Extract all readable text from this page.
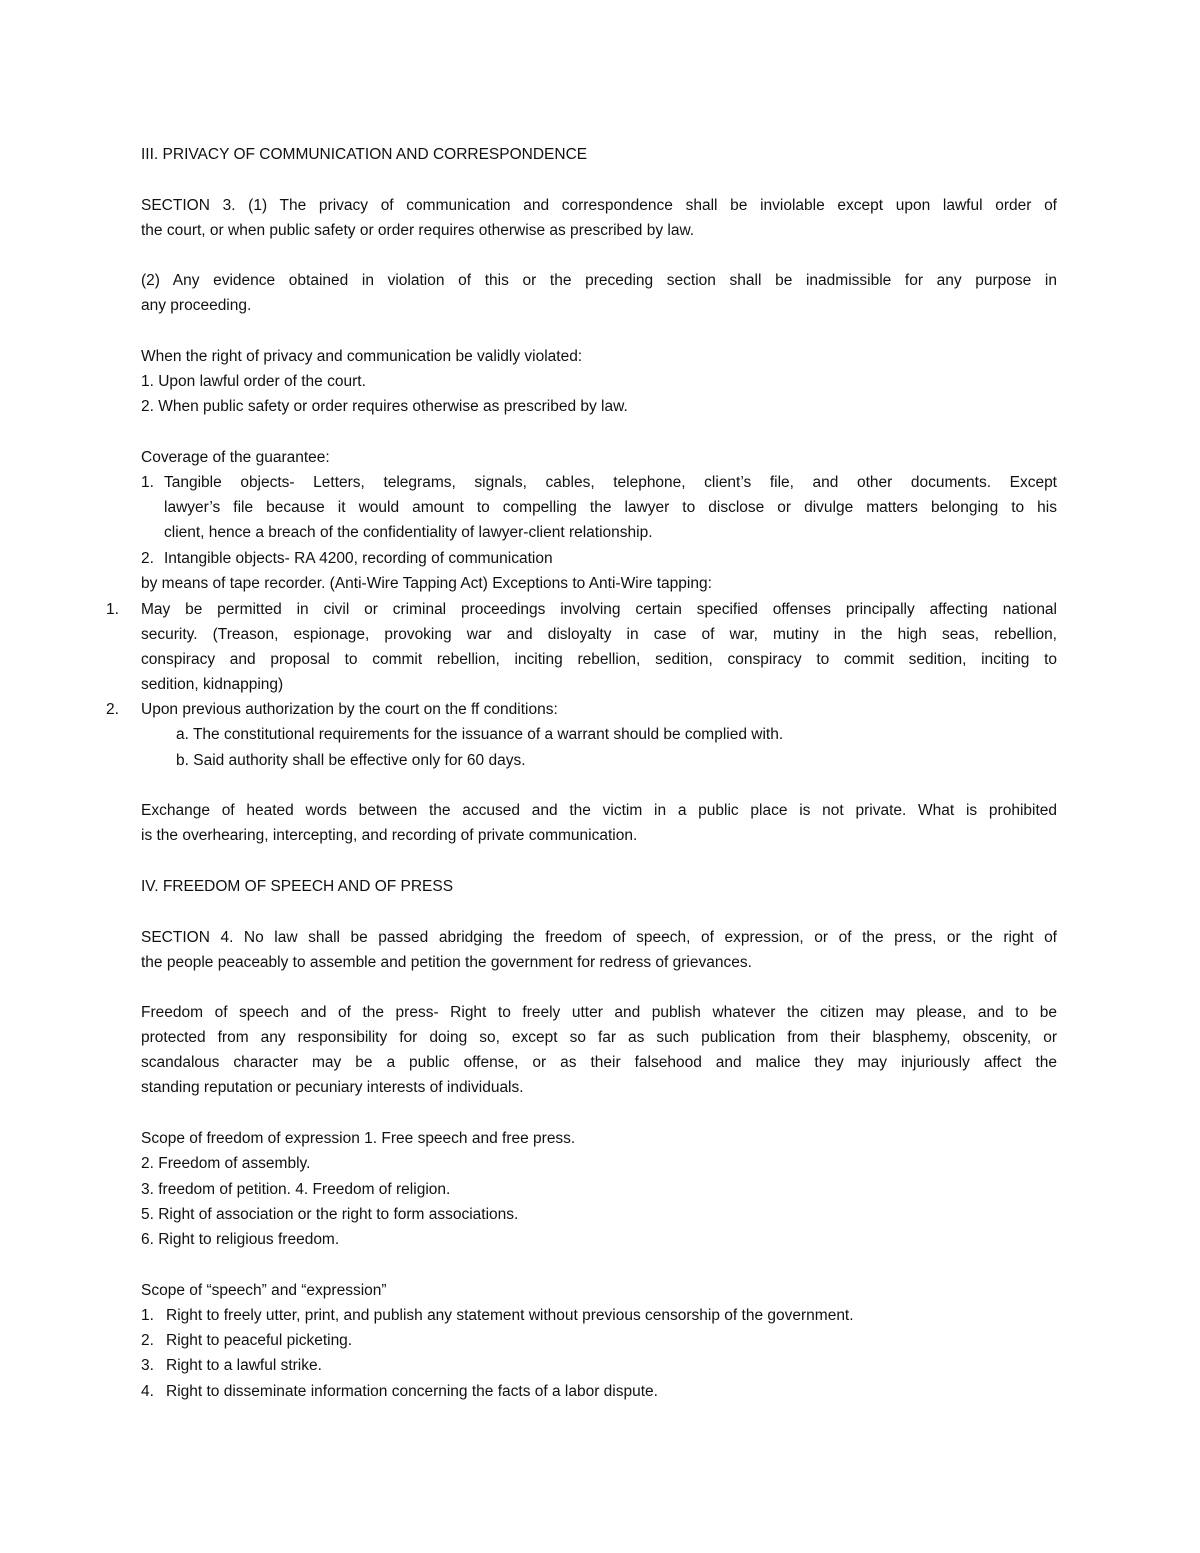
III. PRIVACY OF COMMUNICATION AND CORRESPONDENCE

SECTION 3. (1) The privacy of communication and correspondence shall be inviolable except upon lawful order of

the court, or when public safety or order requires otherwise as prescribed by law.

(2) Any evidence obtained in violation of this or the preceding section shall be inadmissible for any purpose in

any proceeding.

When the right of privacy and communication be validly violated:

1. Upon lawful order of the court.

2. When public safety or order requires otherwise as prescribed by law.

Coverage of the guarantee:

1. Tangible objects- Letters, telegrams, signals, cables, telephone, client’s file, and other documents. Except

lawyer’s file because it would amount to compelling the lawyer to disclose or divulge matters belonging to his

client, hence a breach of the confidentiality of lawyer-client relationship.

2. Intangible objects- RA 4200, recording of communication

by means of tape recorder. (Anti-Wire Tapping Act) Exceptions to Anti-Wire tapping:

1. May be permitted in civil or criminal proceedings involving certain specified offenses principally affecting national

security. (Treason, espionage, provoking war and disloyalty in case of war, mutiny in the high seas, rebellion,

conspiracy and proposal to commit rebellion, inciting rebellion, sedition, conspiracy to commit sedition, inciting to

sedition, kidnapping)

2. Upon previous authorization by the court on the ff conditions:

a. The constitutional requirements for the issuance of a warrant should be complied with.

b. Said authority shall be effective only for 60 days.

Exchange of heated words between the accused and the victim in a public place is not private. What is prohibited

is the overhearing, intercepting, and recording of private communication.

IV. FREEDOM OF SPEECH AND OF PRESS

SECTION 4. No law shall be passed abridging the freedom of speech, of expression, or of the press, or the right of

the people peaceably to assemble and petition the government for redress of grievances.

Freedom of speech and of the press- Right to freely utter and publish whatever the citizen may please, and to be

protected from any responsibility for doing so, except so far as such publication from their blasphemy, obscenity, or

scandalous character may be a public offense, or as their falsehood and malice they may injuriously affect the

standing reputation or pecuniary interests of individuals.

Scope of freedom of expression 1. Free speech and free press.

2. Freedom of assembly.

3. freedom of petition. 4. Freedom of religion.

5. Right of association or the right to form associations.

6. Right to religious freedom.

Scope of “speech” and “expression”

1. Right to freely utter, print, and publish any statement without previous censorship of the government.

2. Right to peaceful picketing.

3. Right to a lawful strike.

4. Right to disseminate information concerning the facts of a labor dispute.
